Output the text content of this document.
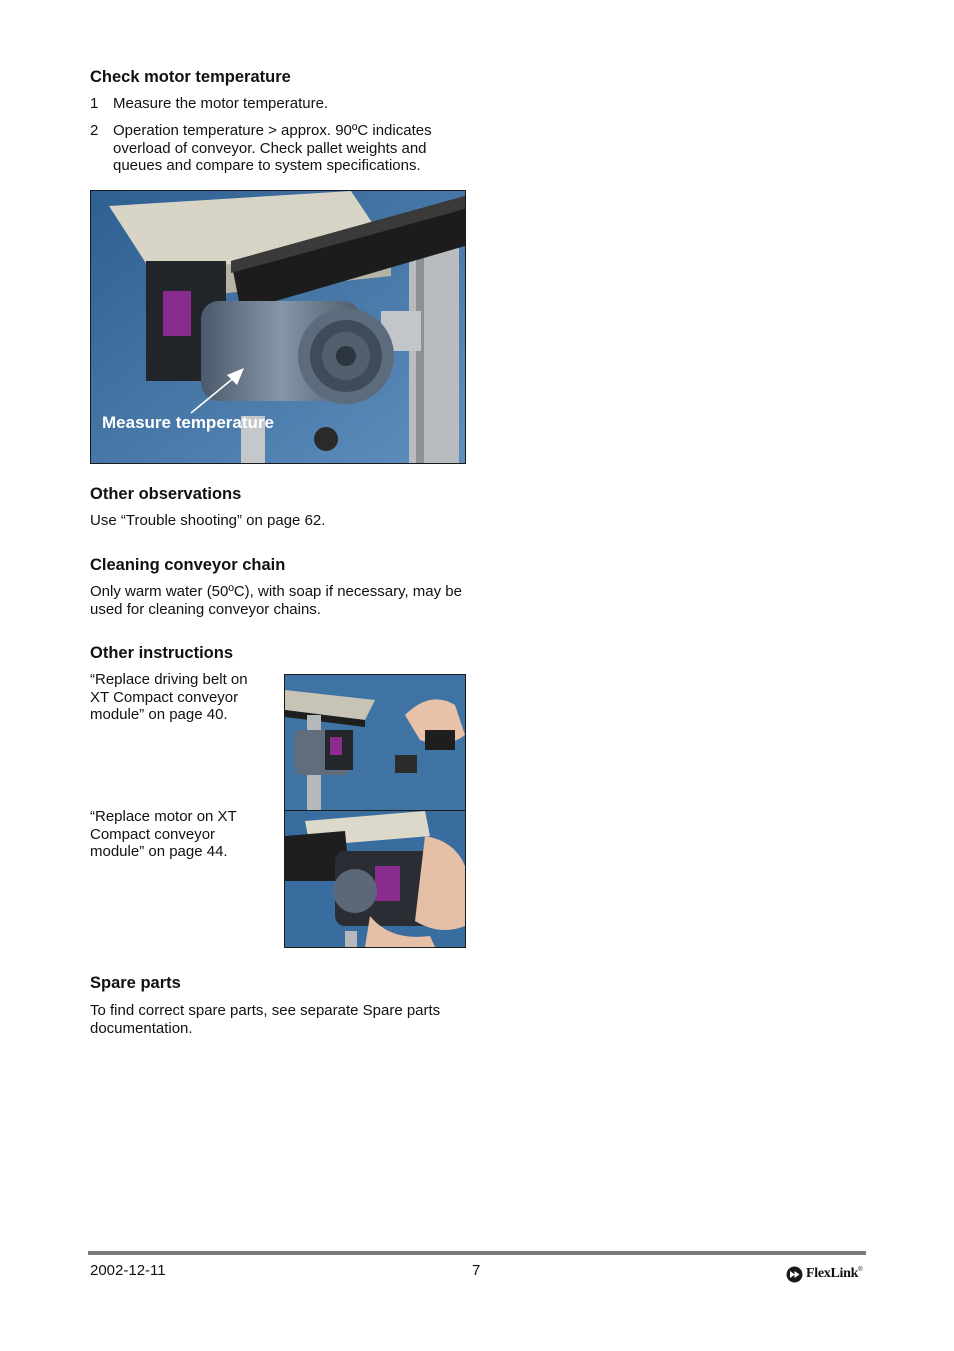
Check motor temperature
1 Measure the motor temperature.
2 Operation temperature > approx. 90ºC indicates overload of conveyor. Check pallet weights and queues and compare to system specifications.
Measure temperature
Other observations

Use “Trouble shooting” on page 62.

Cleaning conveyor chain

Only warm water (50ºC), with soap if necessary, may be used for cleaning conveyor chains.

Other instructions

“Replace driving belt on XT Compact conveyor module” on page 40.

“Replace motor on XT Compact conveyor module” on page 44.

Spare parts

To find correct spare parts, see separate Spare parts documentation.

2002-12-11	7	FlexLink ®
